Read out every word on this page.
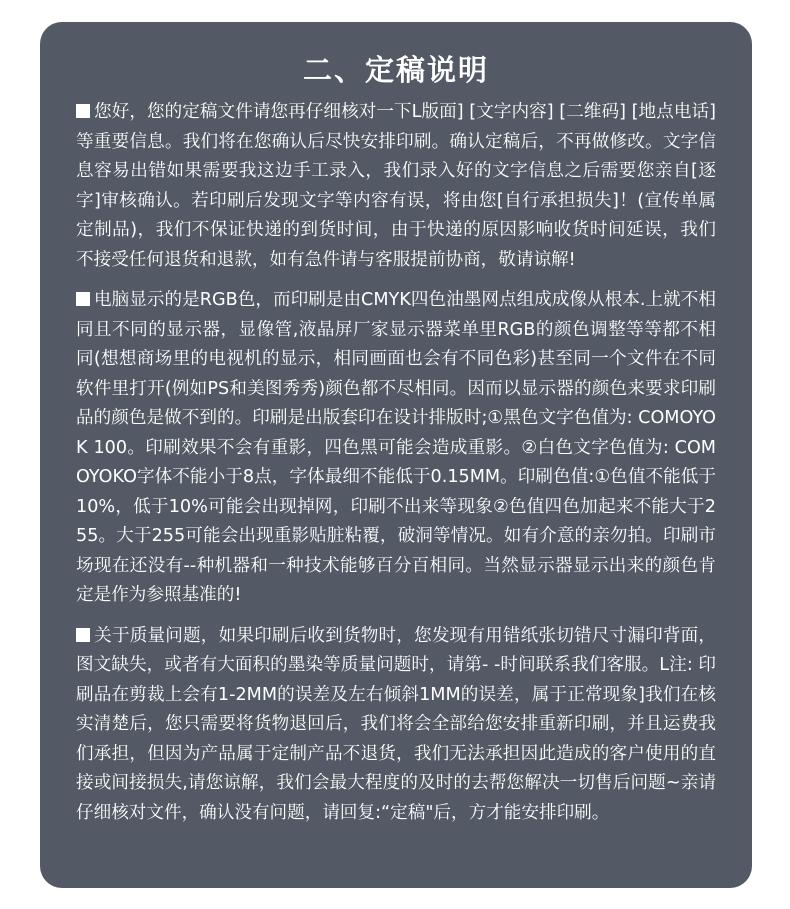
二、定稿说明

您好，您的定稿文件请您再仔细核对一下L版面] [文字内容] [二维码] [地点电话] 等重要信息。我们将在您确认后尽快安排印刷。确认定稿后，不再做修改。文字信息容易出错如果需要我这边手工录入，我们录入好的文字信息之后需要您亲自[逐字]审核确认。若印刷后发现文字等内容有误，将由您[自行承担损失]！(宣传单属定制品)，我们不保证快递的到货时间，由于快递的原因影响收货时间延误，我们不接受任何退货和退款，如有急件请与客服提前协商，敬请谅解!

电脑显示的是RGB色，而印刷是由CMYK四色油墨网点组成成像从根本.上就不相同且不同的显示器，显像管,液晶屏厂家显示器菜单里RGB的颜色调整等等都不相同(想想商场里的电视机的显示，相同画面也会有不同色彩)甚至同一个文件在不同软件里打开(例如PS和美图秀秀)颜色都不尽相同。因而以显示器的颜色来要求印刷品的颜色是做不到的。印刷是出版套印在设计排版时;①黑色文字色值为: COMOYOK 100。印刷效果不会有重影，四色黑可能会造成重影。②白色文字色值为: COMOYOKO字体不能小于8点，字体最细不能低于0.15MM。印刷色值:①色值不能低于10%，低于10%可能会出现掉网，印刷不出来等现象②色值四色加起来不能大于255。大于255可能会出现重影贴脏粘覆，破洞等情况。如有介意的亲勿拍。印刷市场现在还没有--种机器和一种技术能够百分百相同。当然显示器显示出来的颜色肯定是作为参照基准的!

关于质量问题，如果印刷后收到货物时，您发现有用错纸张切错尺寸漏印背面，图文缺失，或者有大面积的墨染等质量问题时，请第- -时间联系我们客服。L注: 印刷品在剪裁上会有1-2MM的误差及左右倾斜1MM的误差，属于正常现象]我们在核实清楚后，您只需要将货物退回后，我们将会全部给您安排重新印刷，并且运费我们承担，但因为产品属于定制产品不退货，我们无法承担因此造成的客户使用的直接或间接损失,请您谅解，我们会最大程度的及时的去帮您解决一切售后问题~亲请仔细核对文件，确认没有问题，请回复:“定稿"后，方才能安排印刷。
